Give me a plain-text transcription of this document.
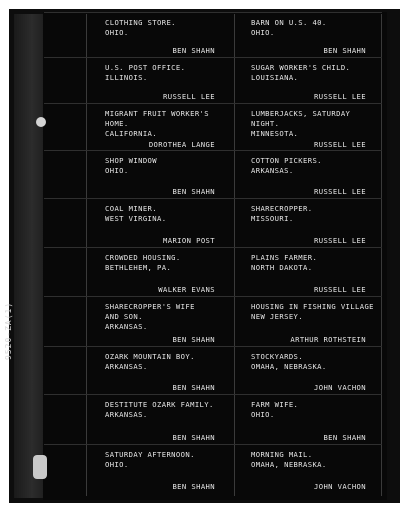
9520-ZA(1)
CLOTHING STORE.
OHIO.
BEN SHAHN
BARN ON U.S. 40.
OHIO.
BEN SHAHN
U.S. POST OFFICE.
ILLINOIS.
RUSSELL LEE
SUGAR WORKER'S CHILD.
LOUISIANA.
RUSSELL LEE
MIGRANT FRUIT WORKER'S
HOME.
CALIFORNIA.
DOROTHEA LANGE
LUMBERJACKS, SATURDAY
NIGHT.
MINNESOTA.
RUSSELL LEE
SHOP WINDOW
OHIO.
BEN SHAHN
COTTON PICKERS.
ARKANSAS.
RUSSELL LEE
COAL MINER.
WEST VIRGINA.
MARION POST
SHARECROPPER.
MISSOURI.
RUSSELL LEE
CROWDED HOUSING.
BETHLEHEM, PA.
WALKER EVANS
PLAINS FARMER.
NORTH DAKOTA.
RUSSELL LEE
SHARECROPPER'S WIFE
AND SON.
ARKANSAS.
BEN SHAHN
HOUSING IN FISHING VILLAGE
NEW JERSEY.
ARTHUR ROTHSTEIN
OZARK MOUNTAIN BOY.
ARKANSAS.
BEN SHAHN
STOCKYARDS.
OMAHA, NEBRASKA.
JOHN VACHON
DESTITUTE OZARK FAMILY.
ARKANSAS.
BEN SHAHN
FARM WIFE.
OHIO.
BEN SHAHN
SATURDAY AFTERNOON.
OHIO.
BEN SHAHN
MORNING MAIL.
OMAHA, NEBRASKA.
JOHN VACHON
